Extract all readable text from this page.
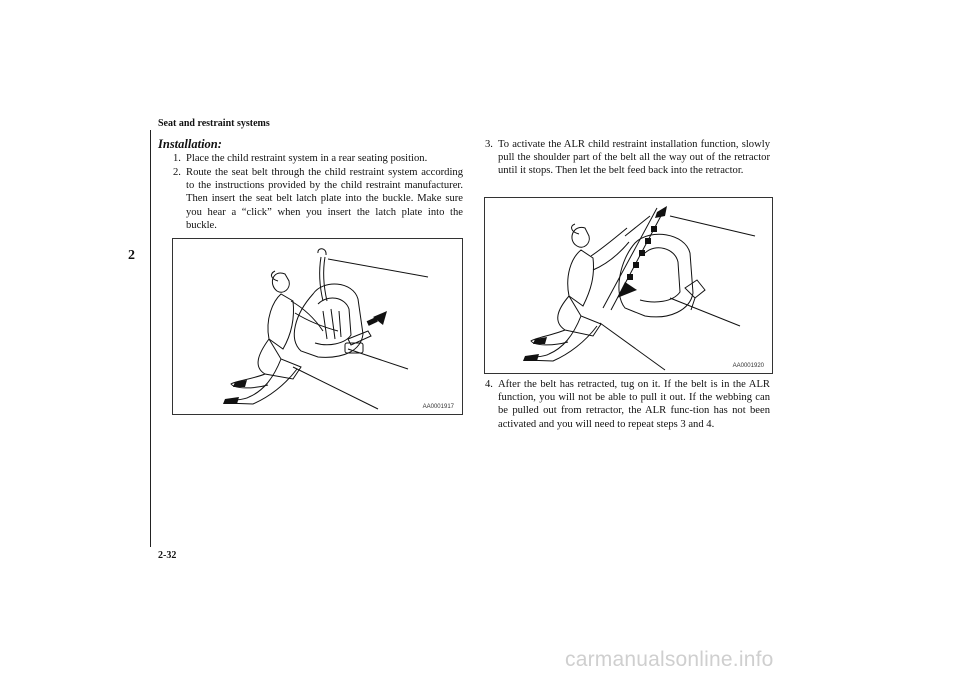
Seat and restraint systems
2
Installation:
1. Place the child restraint system in a rear seating position.
2. Route the seat belt through the child restraint system according to the instructions provided by the child restraint manufacturer. Then insert the seat belt latch plate into the buckle. Make sure you hear a “click” when you insert the latch plate into the buckle.
AA0001917
3. To activate the ALR child restraint installation function, slowly pull the shoulder part of the belt all the way out of the retractor until it stops. Then let the belt feed back into the retractor.
AA0001920
4. After the belt has retracted, tug on it. If the belt is in the ALR function, you will not be able to pull it out. If the webbing can be pulled out from retractor, the ALR func-tion has not been activated and you will need to repeat steps 3 and 4.
2-32
carmanualsonline.info
